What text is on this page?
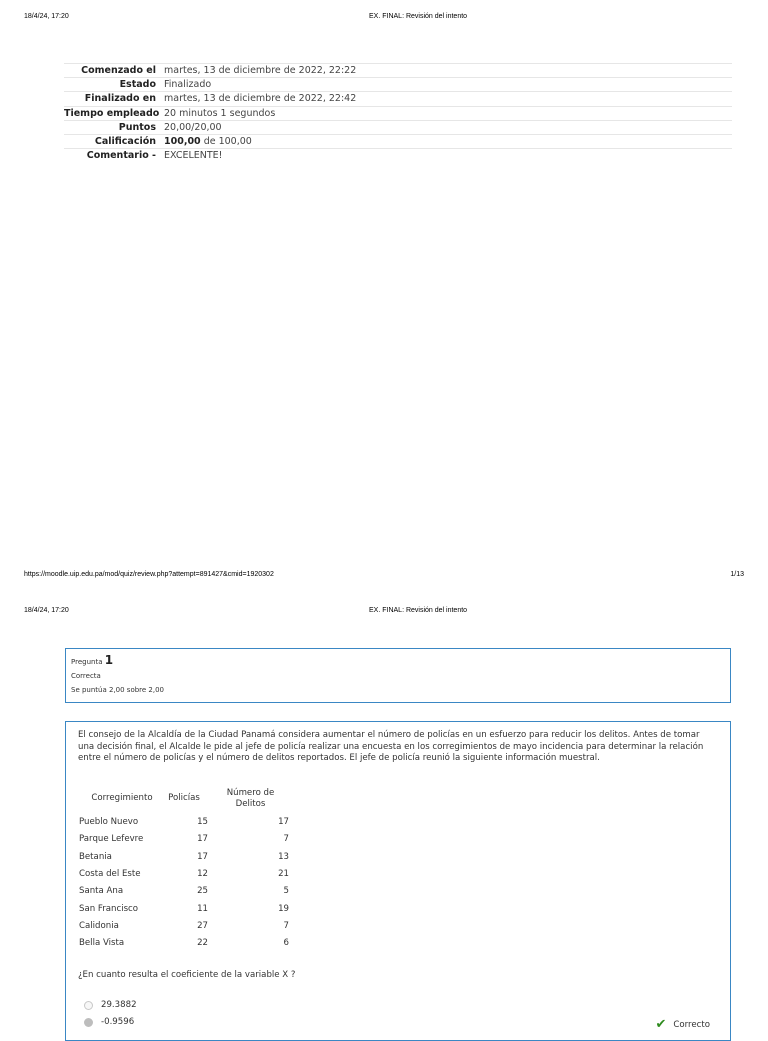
18/4/24, 17:20	EX. FINAL: Revisión del intento
Comenzado el martes, 13 de diciembre de 2022, 22:22
Estado Finalizado
Finalizado en martes, 13 de diciembre de 2022, 22:42
Tiempo empleado 20 minutos 1 segundos
Puntos 20,00/20,00
Calificación 100,00 de 100,00
Comentario - EXCELENTE!
https://moodle.uip.edu.pa/mod/quiz/review.php?attempt=891427&cmid=1920302	1/13
18/4/24, 17:20	EX. FINAL: Revisión del intento
Pregunta 1
Correcta
Se puntúa 2,00 sobre 2,00
El consejo de la Alcaldía de la Ciudad Panamá considera aumentar el número de policías en un esfuerzo para reducir los delitos. Antes de tomar una decisión final, el Alcalde le pide al jefe de policía realizar una encuesta en los corregimientos de mayo incidencia para determinar la relación entre el número de policías y el número de delitos reportados. El jefe de policía reunió la siguiente información muestral.
Corregimiento	Policías	Número de Delitos
Pueblo Nuevo	15	17
Parque Lefevre	17	7
Betania	17	13
Costa del Este	12	21
Santa Ana	25	5
San Francisco	11	19
Calidonia	27	7
Bella Vista	22	6
¿En cuanto resulta el coeficiente de la variable X ?
29.3882
-0.9596	✔ Correcto
